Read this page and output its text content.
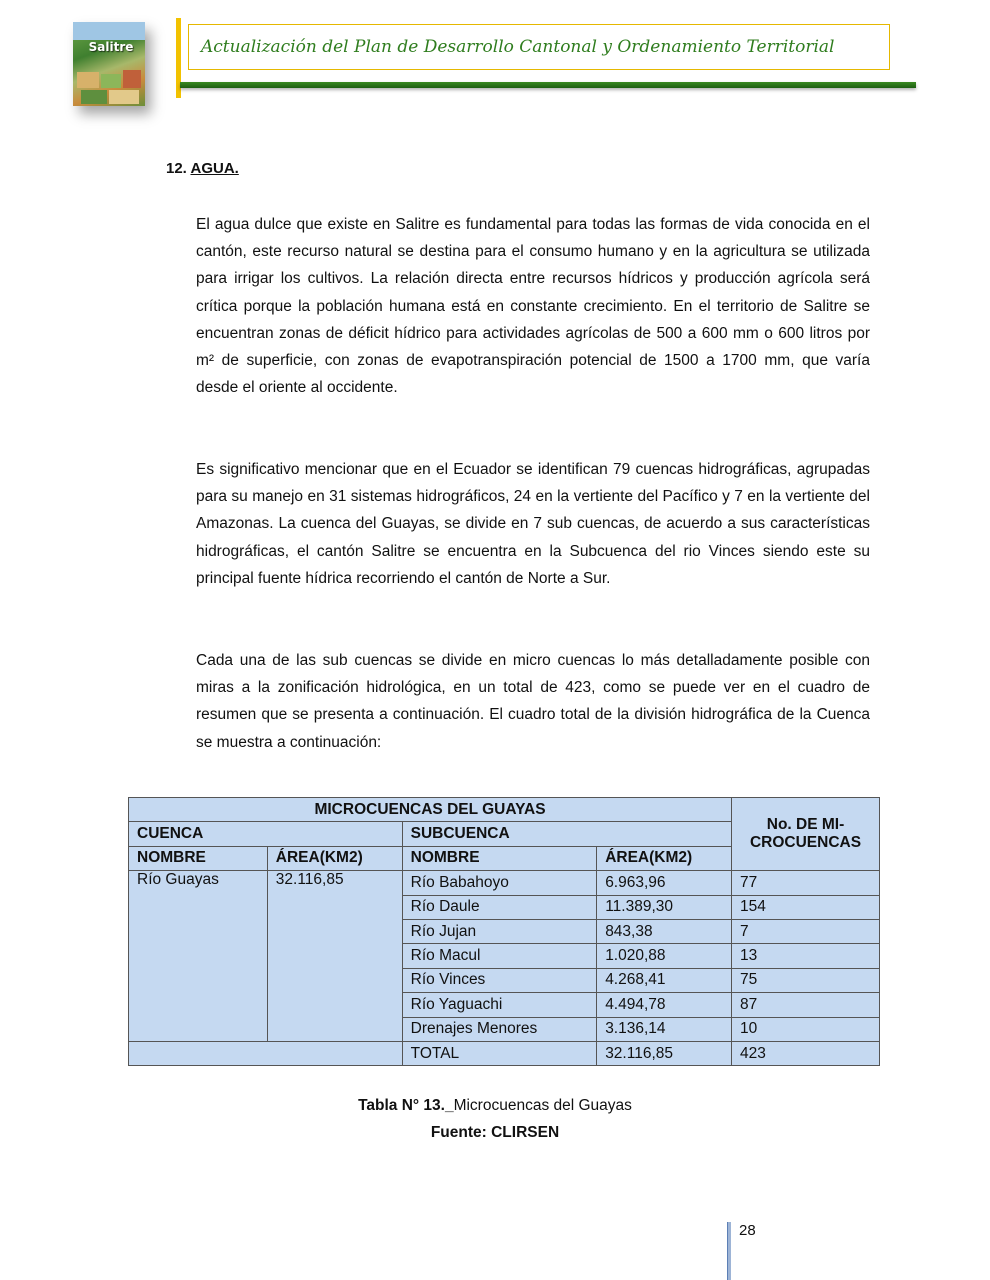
Salitre	Actualización del Plan de Desarrollo Cantonal y Ordenamiento Territorial
12. AGUA.

El agua dulce que existe en Salitre es fundamental para todas las formas de vida conocida en el cantón, este recurso natural se destina para el consumo humano y en la agricultura se utilizada para irrigar los cultivos. La relación directa entre recursos hídricos y producción agrícola será crítica porque la población humana está en constante crecimiento. En el territorio de Salitre se encuentran zonas de déficit hídrico para actividades agrícolas de 500 a 600 mm o 600 litros por m² de superficie, con zonas de evapotranspiración potencial de 1500 a 1700 mm, que varía desde el oriente al occidente.

Es significativo mencionar que en el Ecuador se identifican 79 cuencas hidrográficas, agrupadas para su manejo en 31 sistemas hidrográficos, 24 en la vertiente del Pacífico y 7 en la vertiente del Amazonas. La cuenca del Guayas, se divide en 7 sub cuencas, de acuerdo a sus características hidrográficas, el cantón Salitre se encuentra en la Subcuenca del rio Vinces siendo este su principal fuente hídrica recorriendo el cantón de Norte a Sur.

Cada una de las sub cuencas se divide en micro cuencas lo más detalladamente posible con miras a la zonificación hidrológica, en un total de 423, como se puede ver en el cuadro de resumen que se presenta a continuación. El cuadro total de la división hidrográfica de la Cuenca se muestra a continuación:

MICROCUENCAS DEL GUAYAS				No. DE MI-CROCUENCAS
CUENCA		SUBCUENCA		
NOMBRE	ÁREA(KM2)	NOMBRE	ÁREA(KM2)	
Río Guayas	32.116,85	Río Babahoyo	6.963,96	77
		Río Daule	11.389,30	154
		Río Jujan	843,38	7
		Río Macul	1.020,88	13
		Río Vinces	4.268,41	75
		Río Yaguachi	4.494,78	87
		Drenajes Menores	3.136,14	10
		TOTAL	32.116,85	423
Tabla N° 13._Microcuencas del Guayas
Fuente: CLIRSEN
28
